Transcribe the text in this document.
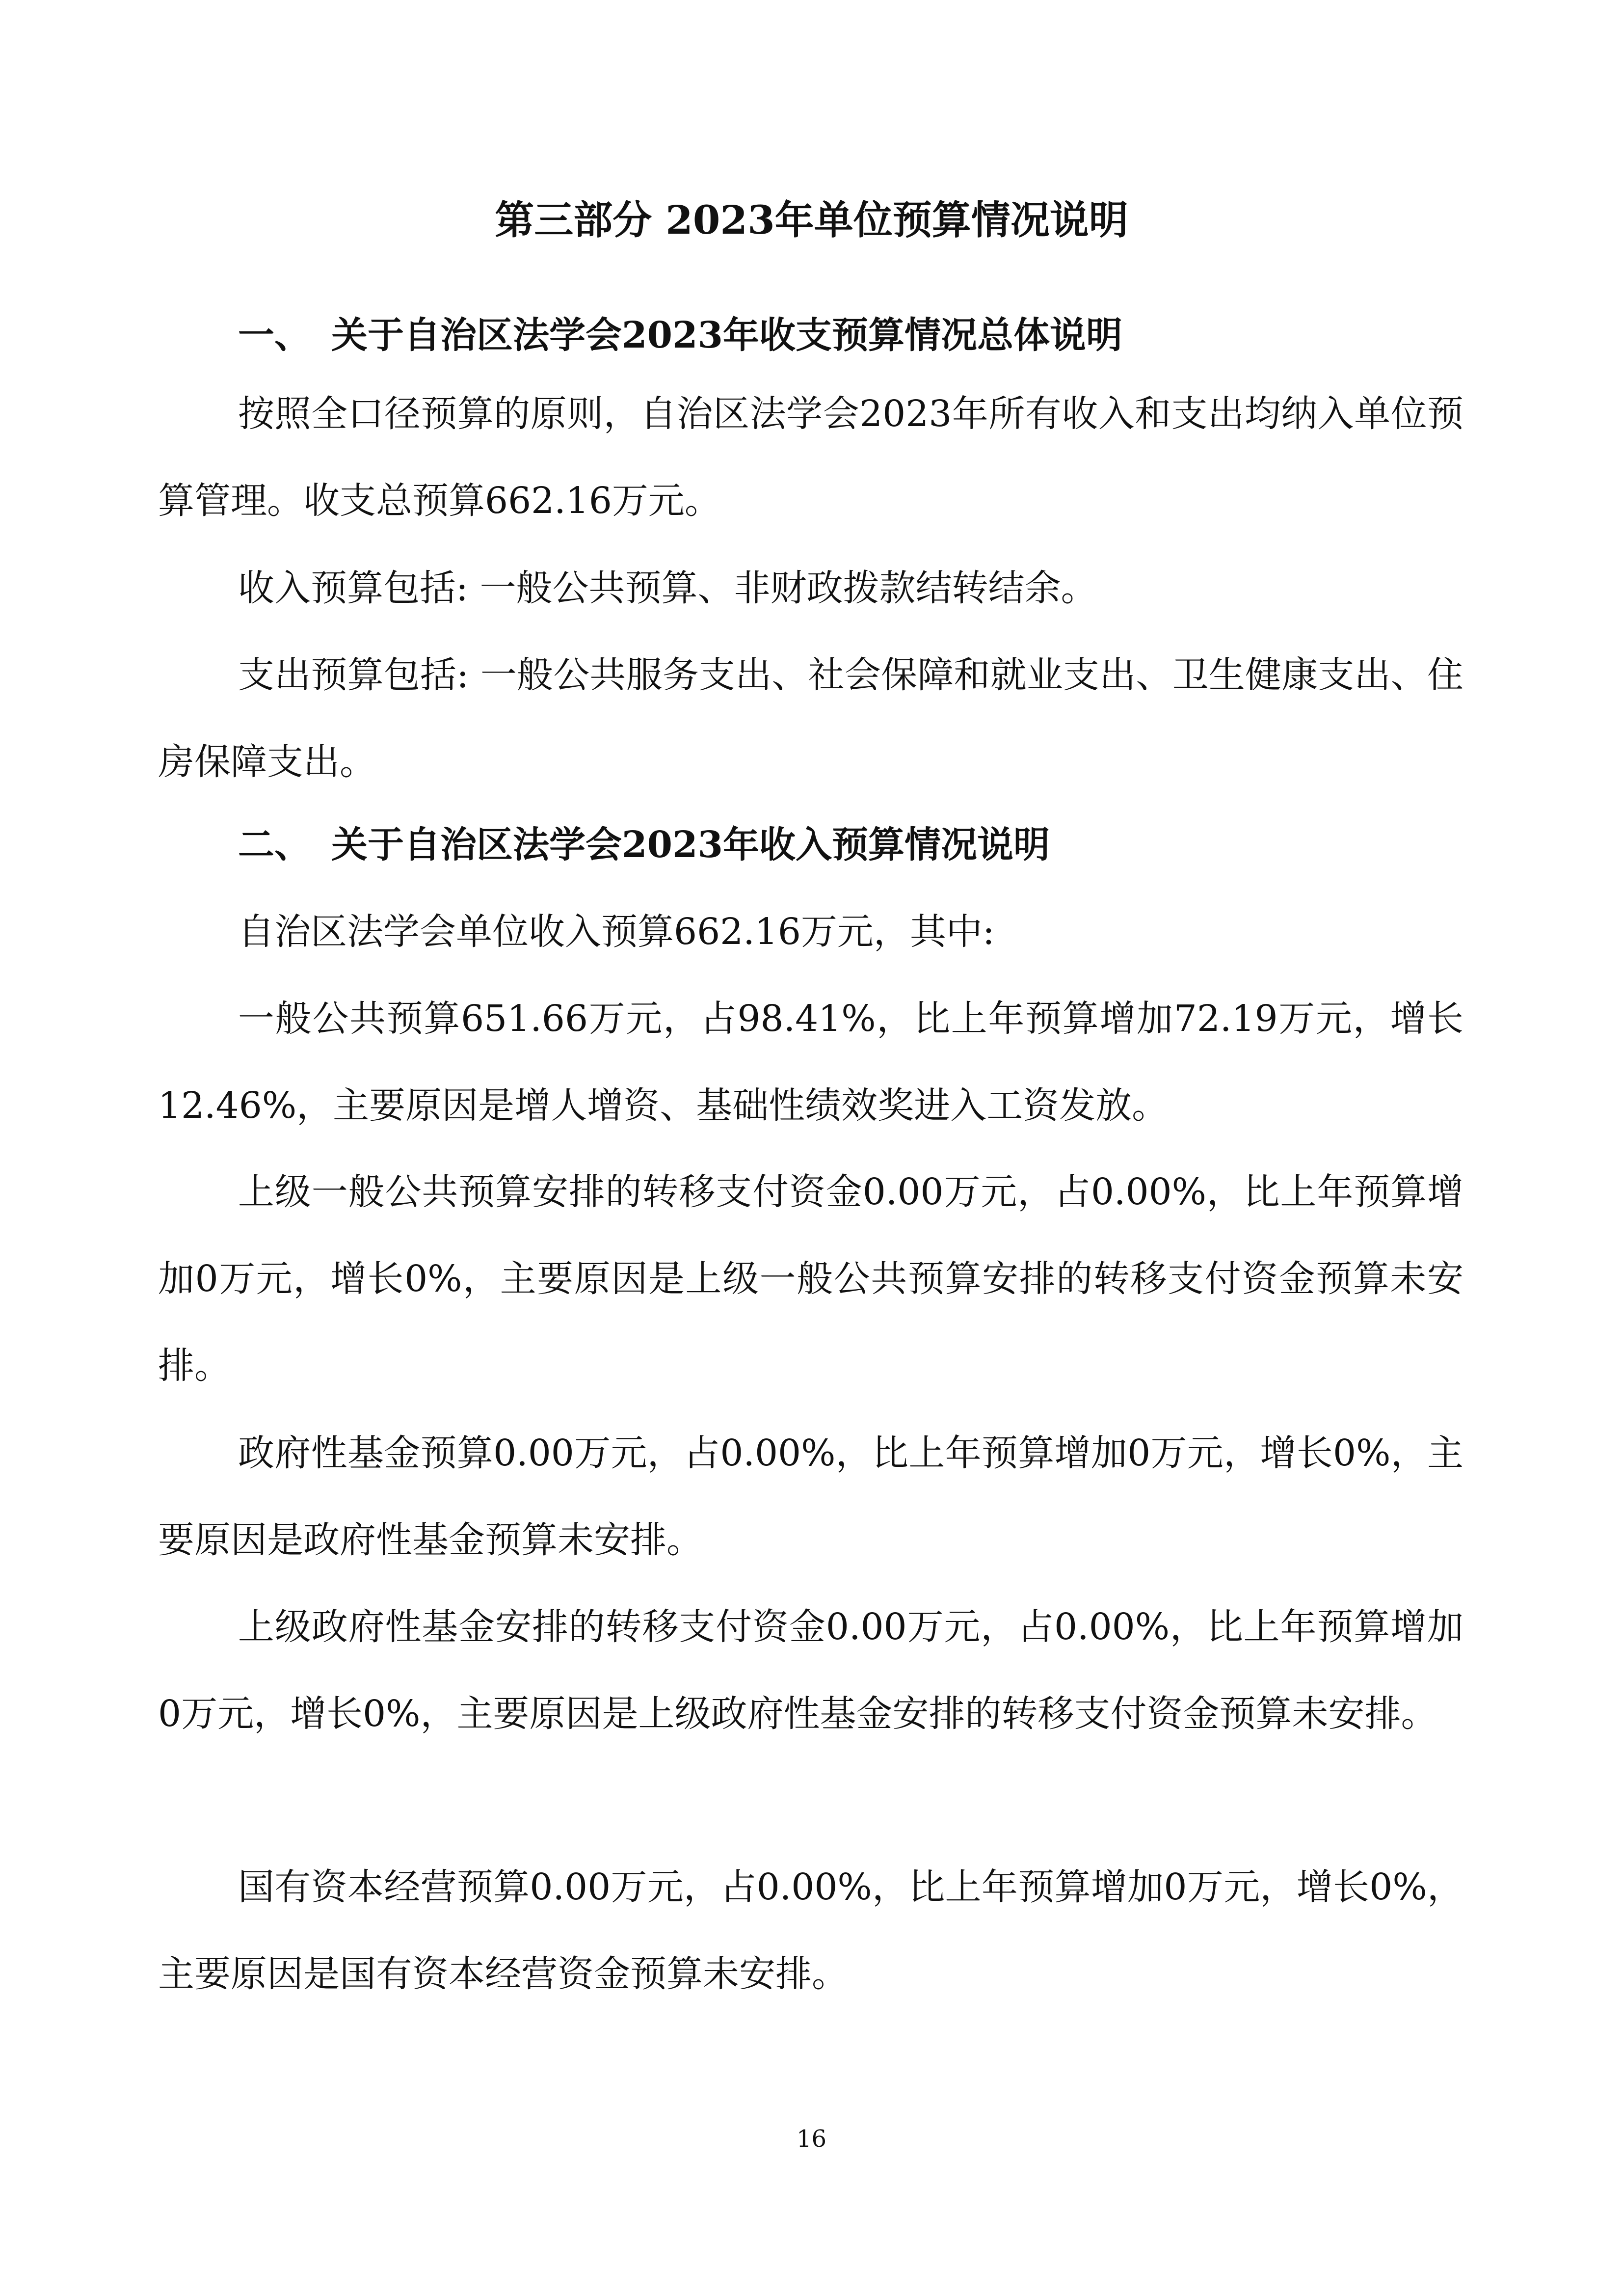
第三部分 2023年单位预算情况说明
一、 关于自治区法学会2023年收支预算情况总体说明

按照全口径预算的原则，自治区法学会2023年所有收入和支出均纳入单位预算管理。收支总预算662.16万元。

收入预算包括: 一般公共预算、非财政拨款结转结余。

支出预算包括: 一般公共服务支出、社会保障和就业支出、卫生健康支出、住房保障支出。

二、 关于自治区法学会2023年收入预算情况说明

自治区法学会单位收入预算662.16万元，其中:

一般公共预算651.66万元，占98.41%，比上年预算增加72.19万元，增长12.46%，主要原因是增人增资、基础性绩效奖进入工资发放。

上级一般公共预算安排的转移支付资金0.00万元，占0.00%，比上年预算增加0万元，增长0%，主要原因是上级一般公共预算安排的转移支付资金预算未安排。

政府性基金预算0.00万元，占0.00%，比上年预算增加0万元，增长0%，主要原因是政府性基金预算未安排。

上级政府性基金安排的转移支付资金0.00万元，占0.00%，比上年预算增加0万元，增长0%，主要原因是上级政府性基金安排的转移支付资金预算未安排。

国有资本经营预算0.00万元，占0.00%，比上年预算增加0万元，增长0%，主要原因是国有资本经营资金预算未安排。

16
